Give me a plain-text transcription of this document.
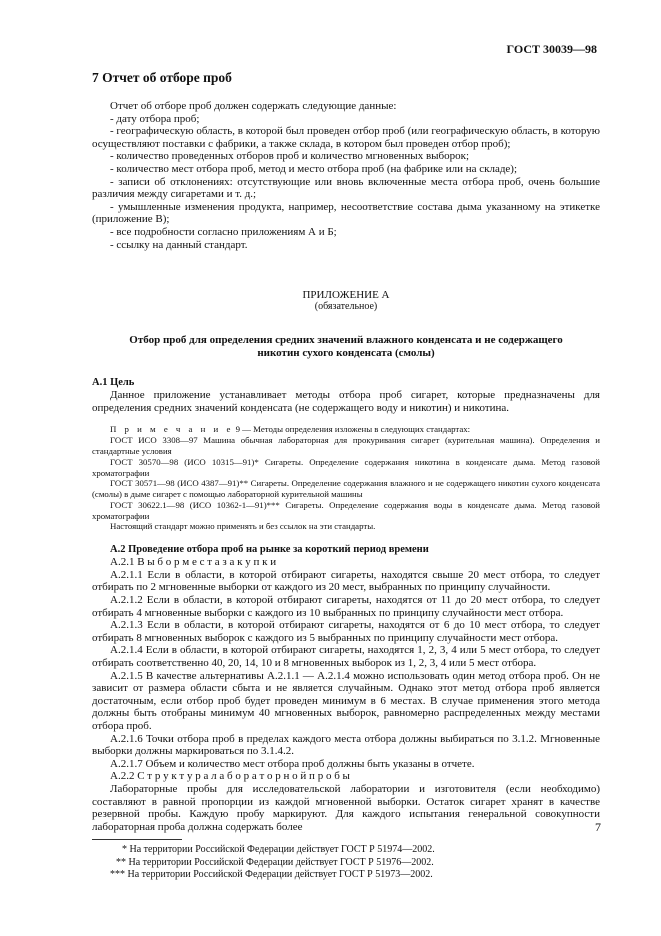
ГОСТ 30039—98
7 Отчет об отборе проб

Отчет об отборе проб должен содержать следующие данные:

- дату отбора проб;

- географическую область, в которой был проведен отбор проб (или географическую область, в которую осуществляют поставки с фабрики, а также склада, в котором был проведен отбор проб);

- количество проведенных отборов проб и количество мгновенных выборок;

- количество мест отбора проб, метод и место отбора проб (на фабрике или на складе);

- записи об отклонениях: отсутствующие или вновь включенные места отбора проб, очень большие различия между сигаретами и т. д.;

- умышленные изменения продукта, например, несоответствие состава дыма указанному на этикетке (приложение В);

- все подробности согласно приложениям А и Б;

- ссылку на данный стандарт.

ПРИЛОЖЕНИЕ А
(обязательное)
Отбор проб для определения средних значений влажного конденсата и не содержащего никотин сухого конденсата (смолы)
А.1 Цель

Данное приложение устанавливает методы отбора проб сигарет, которые предназначены для определения средних значений конденсата (не содержащего воду и никотин) и никотина.

П р и м е ч а н и е 9 — Методы определения изложены в следующих стандартах:

ГОСТ ИСО 3308—97 Машина обычная лабораторная для прокуривания сигарет (курительная машина). Определения и стандартные условия

ГОСТ 30570—98 (ИСО 10315—91)* Сигареты. Определение содержания никотина в конденсате дыма. Метод газовой хроматографии

ГОСТ 30571—98 (ИСО 4387—91)** Сигареты. Определение содержания влажного и не содержащего никотин сухого конденсата (смолы) в дыме сигарет с помощью лабораторной курительной машины

ГОСТ 30622.1—98 (ИСО 10362-1—91)*** Сигареты. Определение содержания воды в конденсате дыма. Метод газовой хроматографии

Настоящий стандарт можно применять и без ссылок на эти стандарты.

А.2 Проведение отбора проб на рынке за короткий период времени

А.2.1 В ы б о р м е с т а з а к у п к и

А.2.1.1 Если в области, в которой отбирают сигареты, находятся свыше 20 мест отбора, то следует отбирать по 2 мгновенные выборки от каждого из 20 мест, выбранных по принципу случайности.

А.2.1.2 Если в области, в которой отбирают сигареты, находятся от 11 до 20 мест отбора, то следует отбирать 4 мгновенные выборки с каждого из 10 выбранных по принципу случайности мест отбора.

А.2.1.3 Если в области, в которой отбирают сигареты, находятся от 6 до 10 мест отбора, то следует отбирать 8 мгновенных выборок с каждого из 5 выбранных по принципу случайности мест отбора.

А.2.1.4 Если в области, в которой отбирают сигареты, находятся 1, 2, 3, 4 или 5 мест отбора, то следует отбирать соответственно 40, 20, 14, 10 и 8 мгновенных выборок из 1, 2, 3, 4 или 5 мест отбора.

А.2.1.5 В качестве альтернативы А.2.1.1 — А.2.1.4 можно использовать один метод отбора проб. Он не зависит от размера области сбыта и не является случайным. Однако этот метод отбора проб является достаточным, если отбор проб будет проведен минимум в 6 местах. В случае применения этого метода должны быть отобраны минимум 40 мгновенных выборок, равномерно распределенных между местами отбора проб.

А.2.1.6 Точки отбора проб в пределах каждого места отбора должны выбираться по 3.1.2. Мгновенные выборки должны маркироваться по 3.1.4.2.

А.2.1.7 Объем и количество мест отбора проб должны быть указаны в отчете.

А.2.2 С т р у к т у р а л а б о р а т о р н о й п р о б ы

Лабораторные пробы для исследовательской лаборатории и изготовителя (если необходимо) составляют в равной пропорции из каждой мгновенной выборки. Остаток сигарет хранят в качестве резервной пробы. Каждую пробу маркируют. Для каждого испытания генеральной совокупности лабораторная проба должна содержать более

* На территории Российской Федерации действует ГОСТ Р 51974—2002.

** На территории Российской Федерации действует ГОСТ Р 51976—2002.

*** На территории Российской Федерации действует ГОСТ Р 51973—2002.

7
